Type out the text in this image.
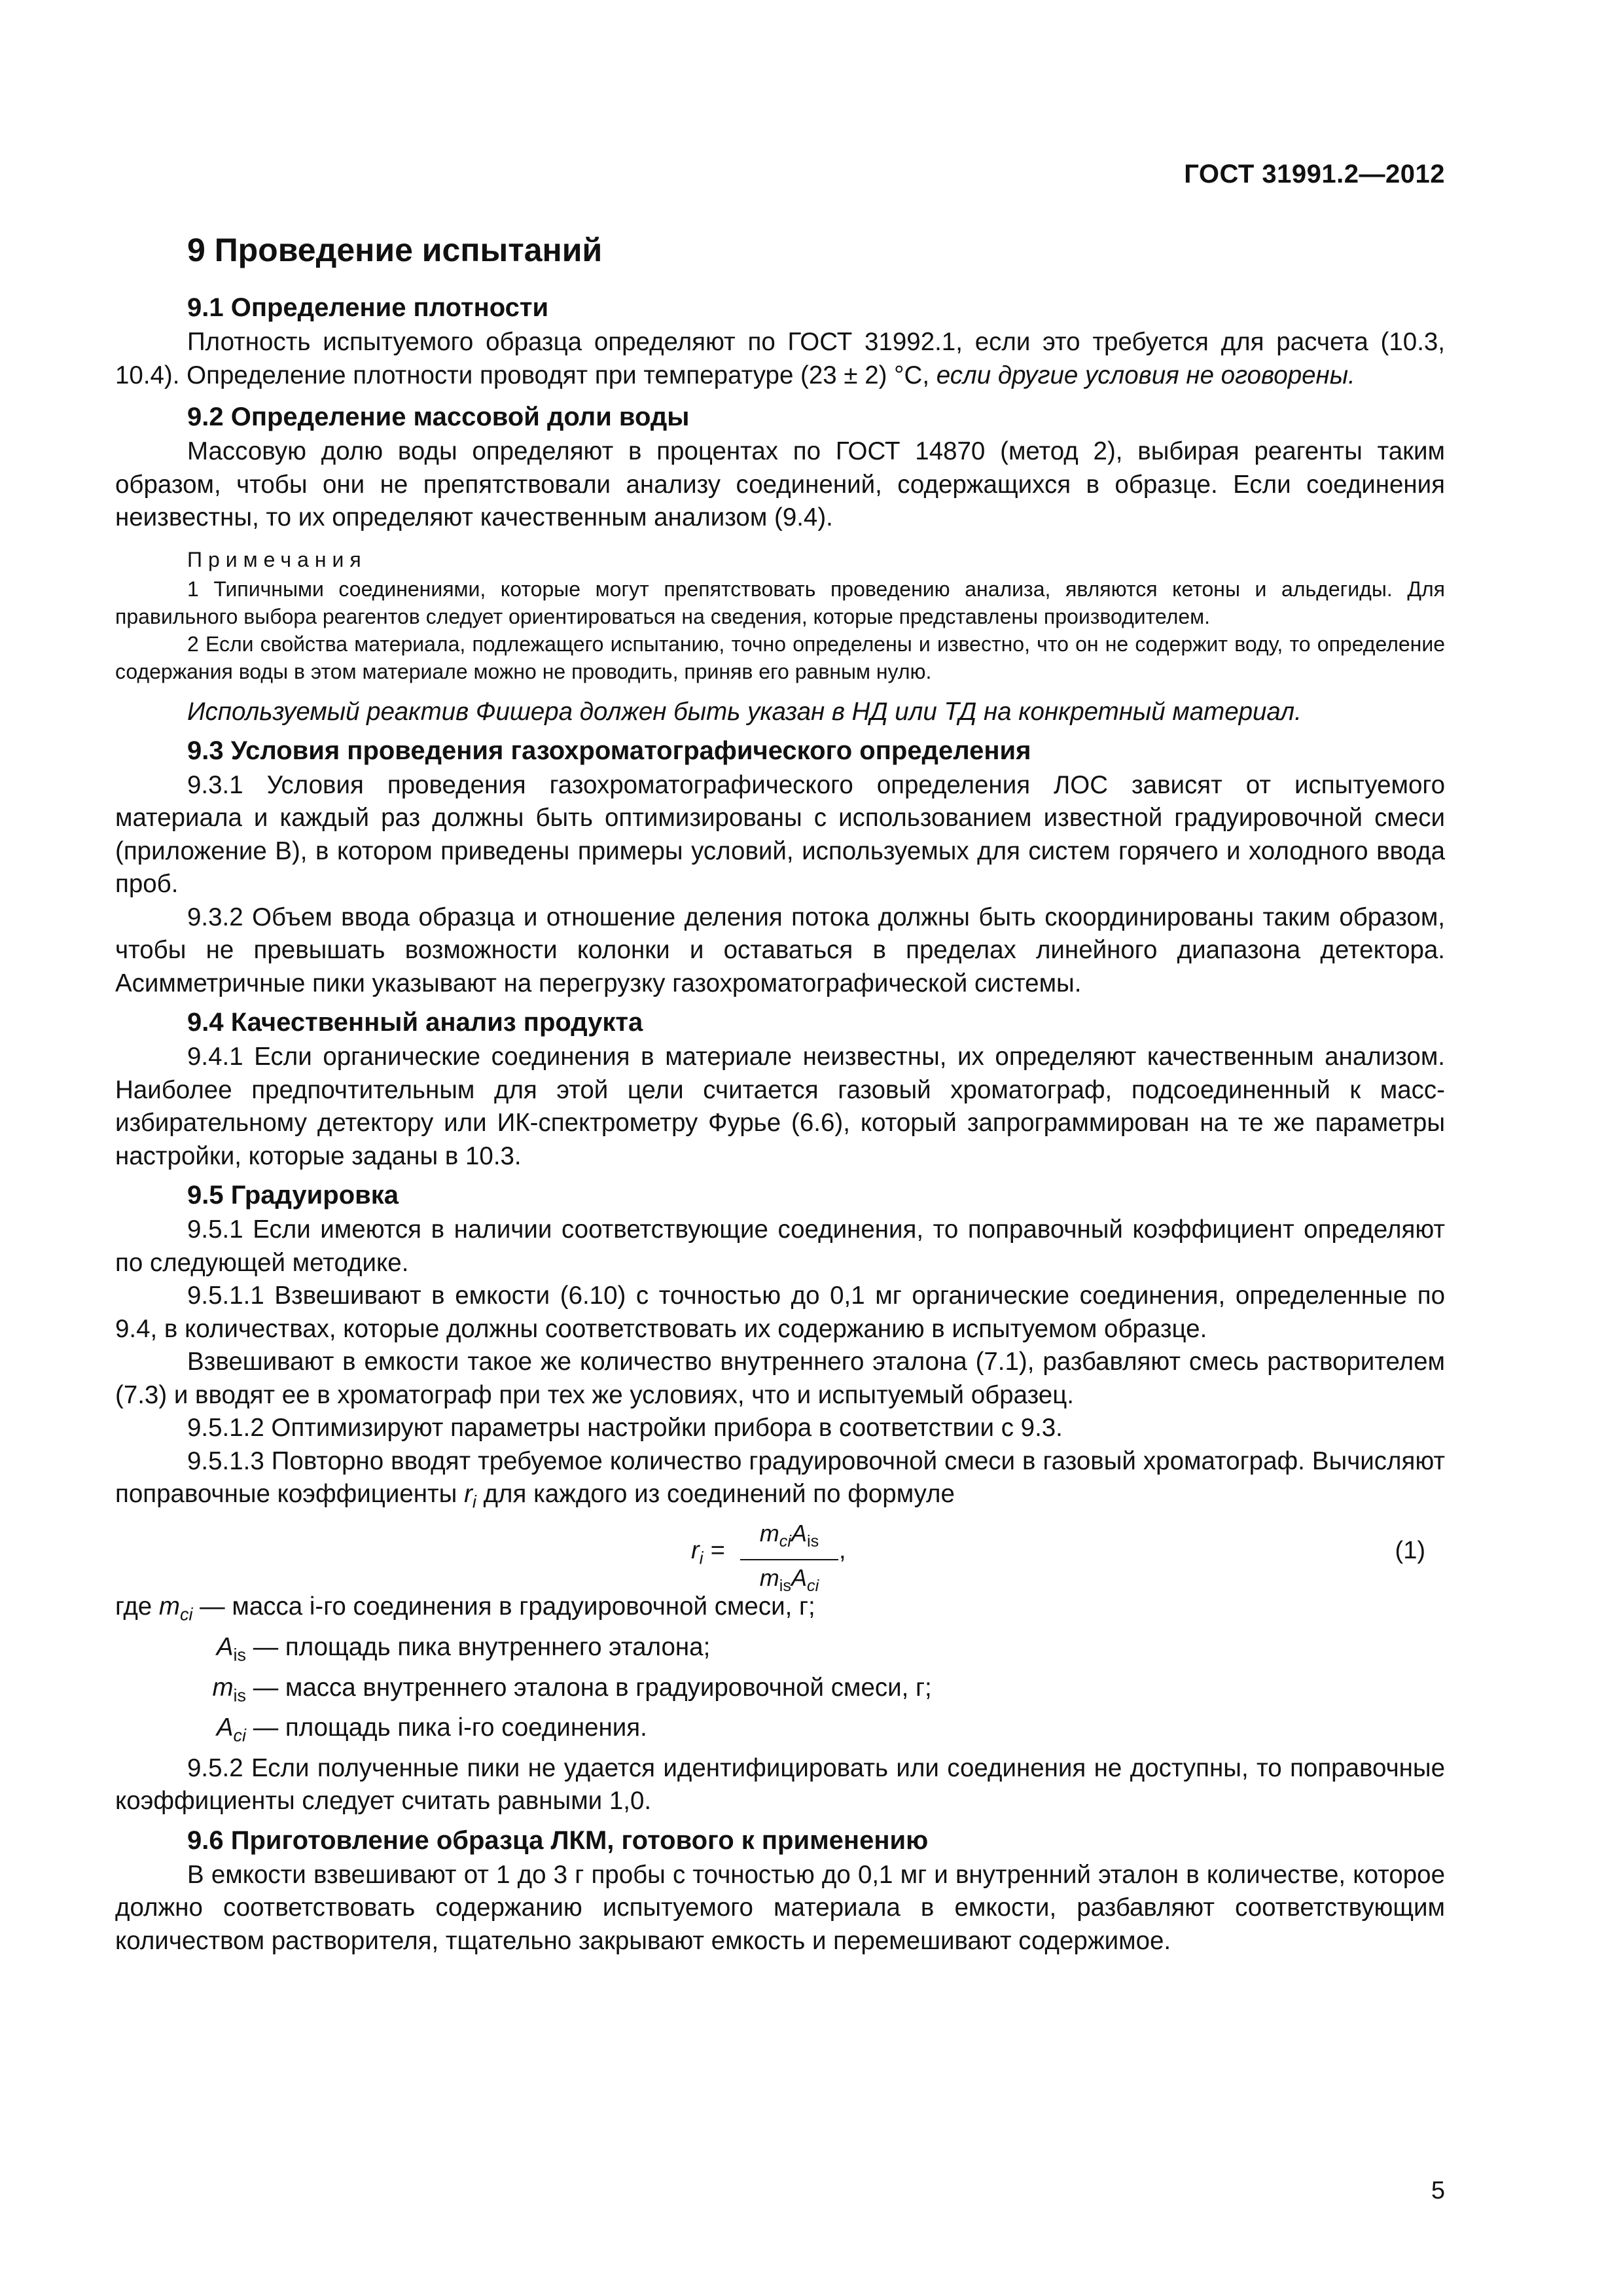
ГОСТ 31991.2—2012
9 Проведение испытаний

9.1 Определение плотности

Плотность испытуемого образца определяют по ГОСТ 31992.1, если это требуется для расчета (10.3, 10.4). Определение плотности проводят при температуре (23 ± 2) °С, если другие условия не оговорены.

9.2 Определение массовой доли воды

Массовую долю воды определяют в процентах по ГОСТ 14870 (метод 2), выбирая реагенты таким образом, чтобы они не препятствовали анализу соединений, содержащихся в образце. Если соединения неизвестны, то их определяют качественным анализом (9.4).

Примечания

1 Типичными соединениями, которые могут препятствовать проведению анализа, являются кетоны и альдегиды. Для правильного выбора реагентов следует ориентироваться на сведения, которые представлены производителем.

2 Если свойства материала, подлежащего испытанию, точно определены и известно, что он не содержит воду, то определение содержания воды в этом материале можно не проводить, приняв его равным нулю.

Используемый реактив Фишера должен быть указан в НД или ТД на конкретный материал.

9.3 Условия проведения газохроматографического определения

9.3.1 Условия проведения газохроматографического определения ЛОС зависят от испытуемого материала и каждый раз должны быть оптимизированы с использованием известной градуировочной смеси (приложение В), в котором приведены примеры условий, используемых для систем горячего и холодного ввода проб.

9.3.2 Объем ввода образца и отношение деления потока должны быть скоординированы таким образом, чтобы не превышать возможности колонки и оставаться в пределах линейного диапазона детектора. Асимметричные пики указывают на перегрузку газохроматографической системы.

9.4 Качественный анализ продукта

9.4.1 Если органические соединения в материале неизвестны, их определяют качественным анализом. Наиболее предпочтительным для этой цели считается газовый хроматограф, подсоединенный к масс-избирательному детектору или ИК-спектрометру Фурье (6.6), который запрограммирован на те же параметры настройки, которые заданы в 10.3.

9.5 Градуировка

9.5.1 Если имеются в наличии соответствующие соединения, то поправочный коэффициент определяют по следующей методике.

9.5.1.1 Взвешивают в емкости (6.10) с точностью до 0,1 мг органические соединения, определенные по 9.4, в количествах, которые должны соответствовать их содержанию в испытуемом образце.

Взвешивают в емкости такое же количество внутреннего эталона (7.1), разбавляют смесь растворителем (7.3) и вводят ее в хроматограф при тех же условиях, что и испытуемый образец.

9.5.1.2 Оптимизируют параметры настройки прибора в соответствии с 9.3.

9.5.1.3 Повторно вводят требуемое количество градуировочной смеси в газовый хроматограф. Вычисляют поправочные коэффициенты $r_i$ для каждого из соединений по формуле

$r_i$ =
$m_{ci}A_{is}$
$m_{is}A_{ci}$
,	(1)

где $m_{ci}$ — масса i-го соединения в градуировочной смеси, г;

$A_{is}$ — площадь пика внутреннего эталона;

$m_{is}$ — масса внутреннего эталона в градуировочной смеси, г;

$A_{ci}$ — площадь пика i-го соединения.

9.5.2 Если полученные пики не удается идентифицировать или соединения не доступны, то поправочные коэффициенты следует считать равными 1,0.

9.6 Приготовление образца ЛКМ, готового к применению

В емкости взвешивают от 1 до 3 г пробы с точностью до 0,1 мг и внутренний эталон в количестве, которое должно соответствовать содержанию испытуемого материала в емкости, разбавляют соответствующим количеством растворителя, тщательно закрывают емкость и перемешивают содержимое.

5
